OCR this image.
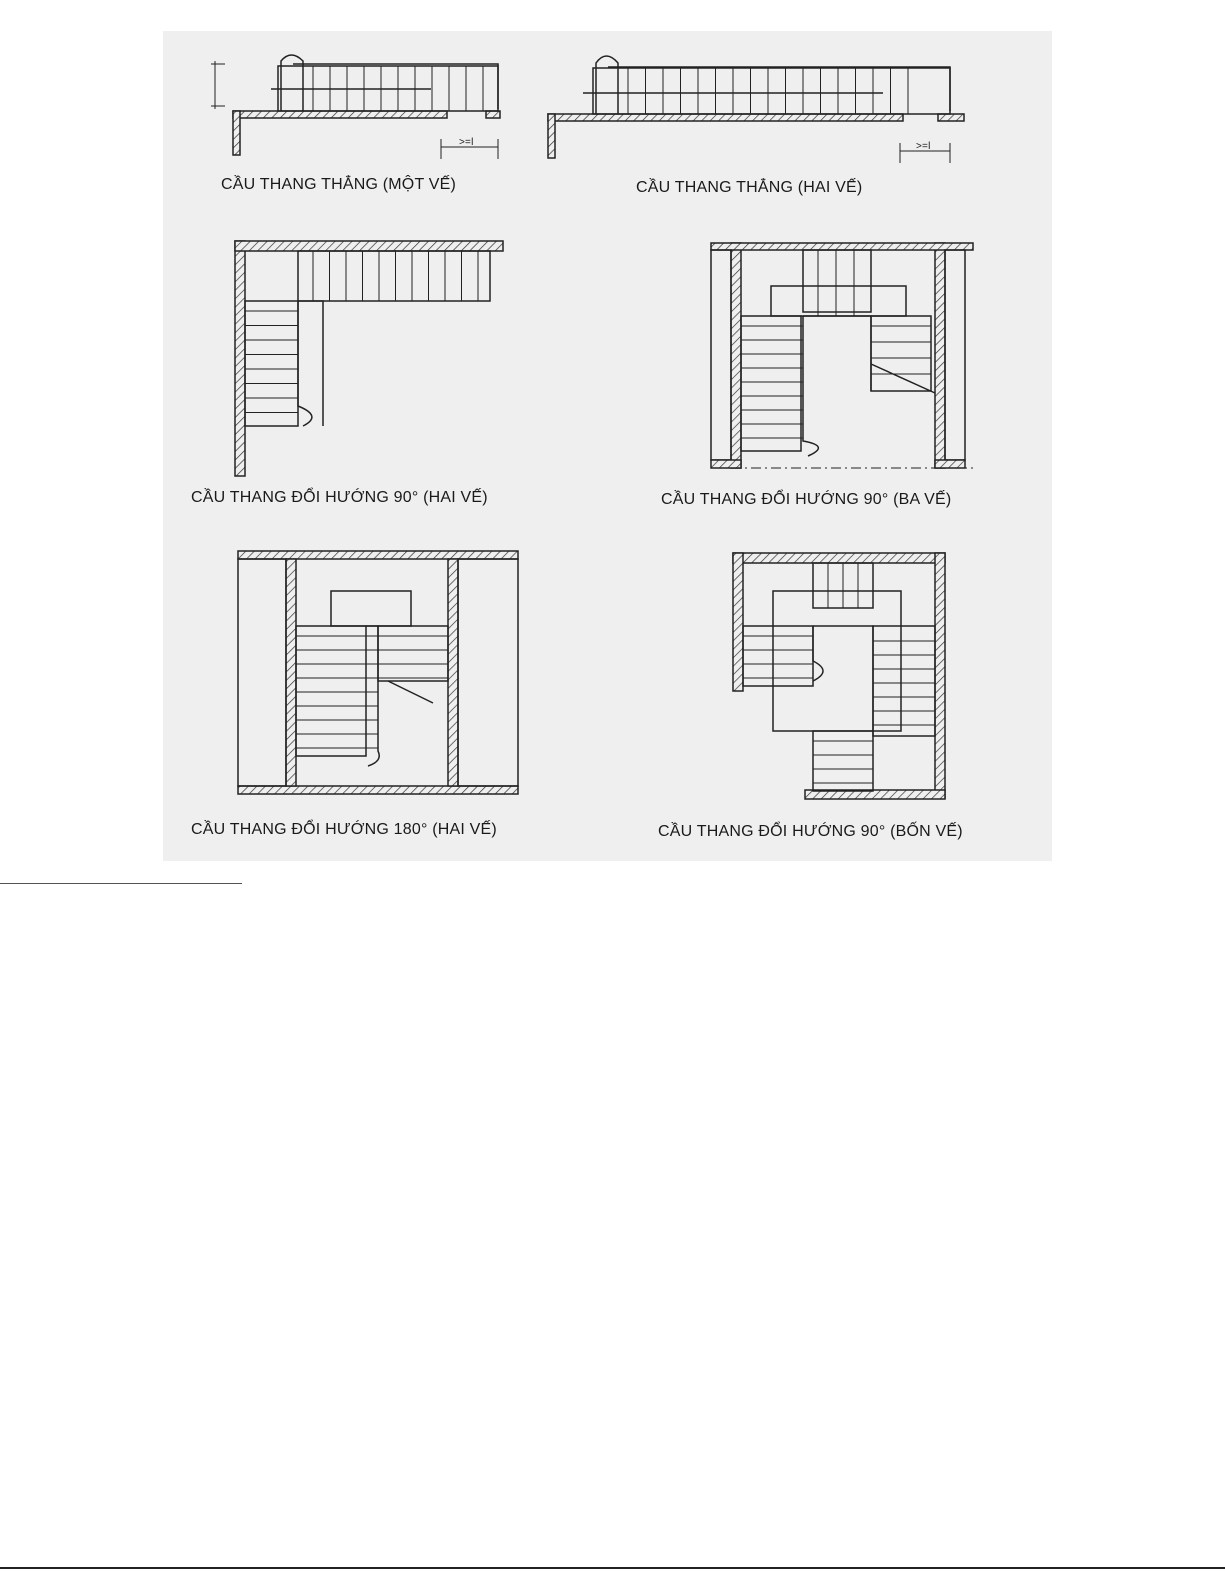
CẦU THANG THẲNG (MỘT VẾ)	CẦU THANG THẲNG (HAI VẾ)
CẦU THANG ĐỔI HƯỚNG 90° (HAI VẾ)	CẦU THANG ĐỔI HƯỚNG 90° (BA VẾ)
CẦU THANG ĐỔI HƯỚNG 180° (HAI VẾ)	CẦU THANG ĐỔI HƯỚNG 90° (BỐN VẾ)
>=l	>=l
